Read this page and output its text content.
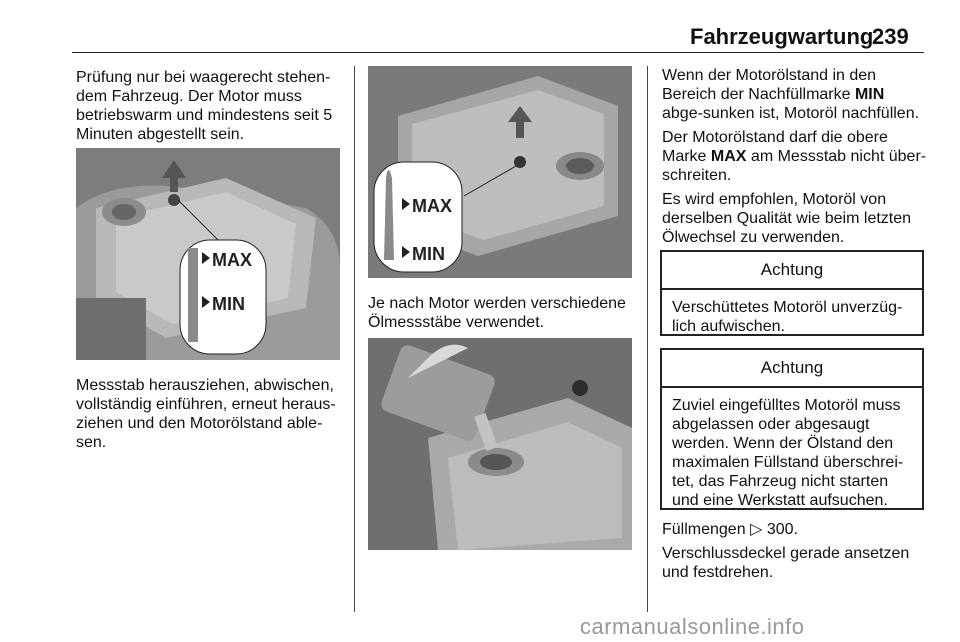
Fahrzeugwartung
239

Prüfung nur bei waagerecht stehen-dem Fahrzeug. Der Motor muss betriebswarm und mindestens seit 5 Minuten abgestellt sein.

MAX
MIN

Messstab herausziehen, abwischen, vollständig einführen, erneut heraus-ziehen und den Motorölstand able-sen.

MAX
MIN

Je nach Motor werden verschiedene Ölmessstäbe verwendet.

Wenn der Motorölstand in den Bereich der Nachfüllmarke MIN abge-sunken ist, Motoröl nachfüllen.

Der Motorölstand darf die obere Marke MAX am Messstab nicht über-schreiten.

Es wird empfohlen, Motoröl von derselben Qualität wie beim letzten Ölwechsel zu verwenden.

Achtung
Verschüttetes Motoröl unverzüg-lich aufwischen.
Achtung
Zuviel eingefülltes Motoröl muss abgelassen oder abgesaugt werden. Wenn der Ölstand den maximalen Füllstand überschrei-tet, das Fahrzeug nicht starten und eine Werkstatt aufsuchen.

Füllmengen ▷ 300.

Verschlussdeckel gerade ansetzen und festdrehen.

carmanualsonline.info
